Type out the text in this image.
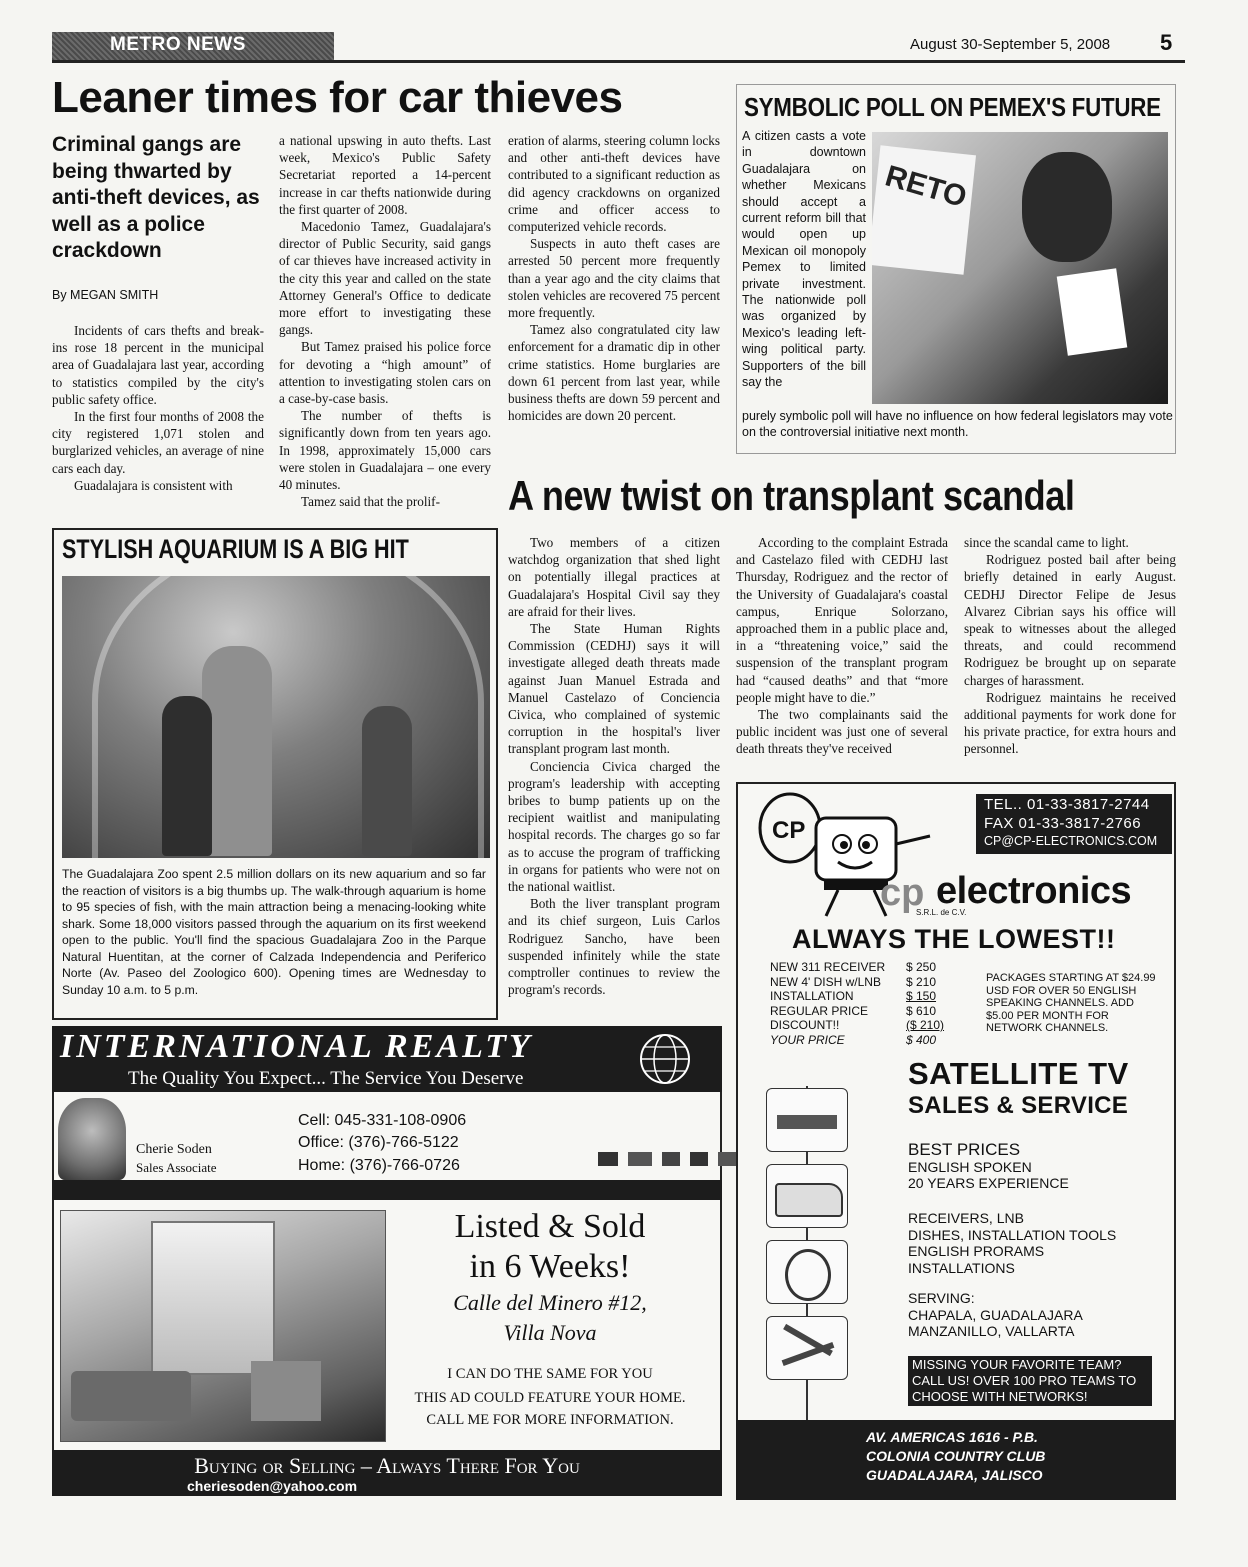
METRO NEWS	August 30-September 5, 2008 5
Leaner times for car thieves
Criminal gangs are being thwarted by anti-theft devices, as well as a police crackdown
By MEGAN SMITH

Incidents of cars thefts and break-ins rose 18 percent in the municipal area of Guadalajara last year, according to statistics compiled by the city's public safety office.

In the first four months of 2008 the city registered 1,071 stolen and burglarized vehicles, an average of nine cars each day.

Guadalajara is consistent with

a national upswing in auto thefts. Last week, Mexico's Public Safety Secretariat reported a 14-percent increase in car thefts nationwide during the first quarter of 2008.

Macedonio Tamez, Guadalajara's director of Public Security, said gangs of car thieves have increased activity in the city this year and called on the state Attorney General's Office to dedicate more effort to investigating these gangs.

But Tamez praised his police force for devoting a “high amount” of attention to investigating stolen cars on a case-by-case basis.

The number of thefts is significantly down from ten years ago. In 1998, approximately 15,000 cars were stolen in Guadalajara – one every 40 minutes.

Tamez said that the prolif-

eration of alarms, steering column locks and other anti-theft devices have contributed to a significant reduction as did agency crackdowns on organized crime and officer access to computerized vehicle records.

Suspects in auto theft cases are arrested 50 percent more frequently than a year ago and the city claims that stolen vehicles are recovered 75 percent more frequently.

Tamez also congratulated city law enforcement for a dramatic dip in other crime statistics. Home burglaries are down 61 percent from last year, while business thefts are down 59 percent and homicides are down 20 percent.

SYMBOLIC POLL ON PEMEX'S FUTURE
RETO
A citizen casts a vote in downtown Guadalajara on whether Mexicans should accept a current reform bill that would open up Mexican oil monopoly Pemex to limited private investment. The nationwide poll was organized by Mexico's leading left-wing political party. Supporters of the bill say the
purely symbolic poll will have no influence on how federal legislators may vote on the controversial initiative next month.
A new twist on transplant scandal

Two members of a citizen watchdog organization that shed light on potentially illegal practices at Guadalajara's Hospital Civil say they are afraid for their lives.

The State Human Rights Commission (CEDHJ) says it will investigate alleged death threats made against Juan Manuel Estrada and Manuel Castelazo of Conciencia Civica, who complained of systemic corruption in the hospital's liver transplant program last month.

Conciencia Civica charged the program's leadership with accepting bribes to bump patients up on the recipient waitlist and manipulating hospital records. The charges go so far as to accuse the program of trafficking in organs for patients who were not on the national waitlist.

Both the liver transplant program and its chief surgeon, Luis Carlos Rodriguez Sancho, have been suspended infinitely while the state comptroller continues to review the program's records.

According to the complaint Estrada and Castelazo filed with CEDHJ last Thursday, Rodriguez and the rector of the University of Guadalajara's coastal campus, Enrique Solorzano, approached them in a public place and, in a “threatening voice,” said the suspension of the transplant program had “caused deaths” and that “more people might have to die.”

The two complainants said the public incident was just one of several death threats they've received

since the scandal came to light.

Rodriguez posted bail after being briefly detained in early August. CEDHJ Director Felipe de Jesus Alvarez Cibrian says his office will speak to witnesses about the alleged threats, and could recommend Rodriguez be brought up on separate charges of harassment.

Rodriguez maintains he received additional payments for work done for his private practice, for extra hours and personnel.

STYLISH AQUARIUM IS A BIG HIT
The Guadalajara Zoo spent 2.5 million dollars on its new aquarium and so far the reaction of visitors is a big thumbs up. The walk-through aquarium is home to 95 species of fish, with the main attraction being a menacing-looking white shark. Some 18,000 visitors passed through the aquarium on its first weekend open to the public. You'll find the spacious Guadalajara Zoo in the Parque Natural Huentitan, at the corner of Calzada Independencia and Periferico Norte (Av. Paseo del Zoologico 600). Opening times are Wednesday to Sunday 10 a.m. to 5 p.m.
INTERNATIONAL REALTY
The Quality You Expect... The Service You Deserve
Cherie Soden
Sales Associate
Cell: 045-331-108-0906
Office: (376)-766-5122
Home: (376)-766-0726

Listed & Sold
in 6 Weeks!
Calle del Minero #12,
Villa Nova
I CAN DO THE SAME FOR YOU
THIS AD COULD FEATURE YOUR HOME.
CALL ME FOR MORE INFORMATION.
Buying or Selling – Always There For You
cheriesoden@yahoo.com
TEL.. 01-33-3817-2744
FAX 01-33-3817-2766
CP@CP-ELECTRONICS.COM
CP
cp electronics
S.R.L. de C.V.
ALWAYS THE LOWEST!!
NEW 311 RECEIVER $ 250
NEW 4' DISH w/LNB $ 210
INSTALLATION	$ 150
REGULAR PRICE	$ 610
DISCOUNT!!	($ 210)
YOUR PRICE	$ 400
PACKAGES STARTING AT $24.99 USD FOR OVER 50 ENGLISH SPEAKING CHANNELS. ADD $5.00 PER MONTH FOR NETWORK CHANNELS.
SATELLITE TV
SALES & SERVICE
BEST PRICES
ENGLISH SPOKEN
20 YEARS EXPERIENCE
RECEIVERS, LNB
DISHES, INSTALLATION TOOLS
ENGLISH PRORAMS
INSTALLATIONS
SERVING:
CHAPALA, GUADALAJARA
MANZANILLO, VALLARTA
MISSING YOUR FAVORITE TEAM? CALL US! OVER 100 PRO TEAMS TO CHOOSE WITH NETWORKS!
AV. AMERICAS 1616 - P.B.
COLONIA COUNTRY CLUB
GUADALAJARA, JALISCO
